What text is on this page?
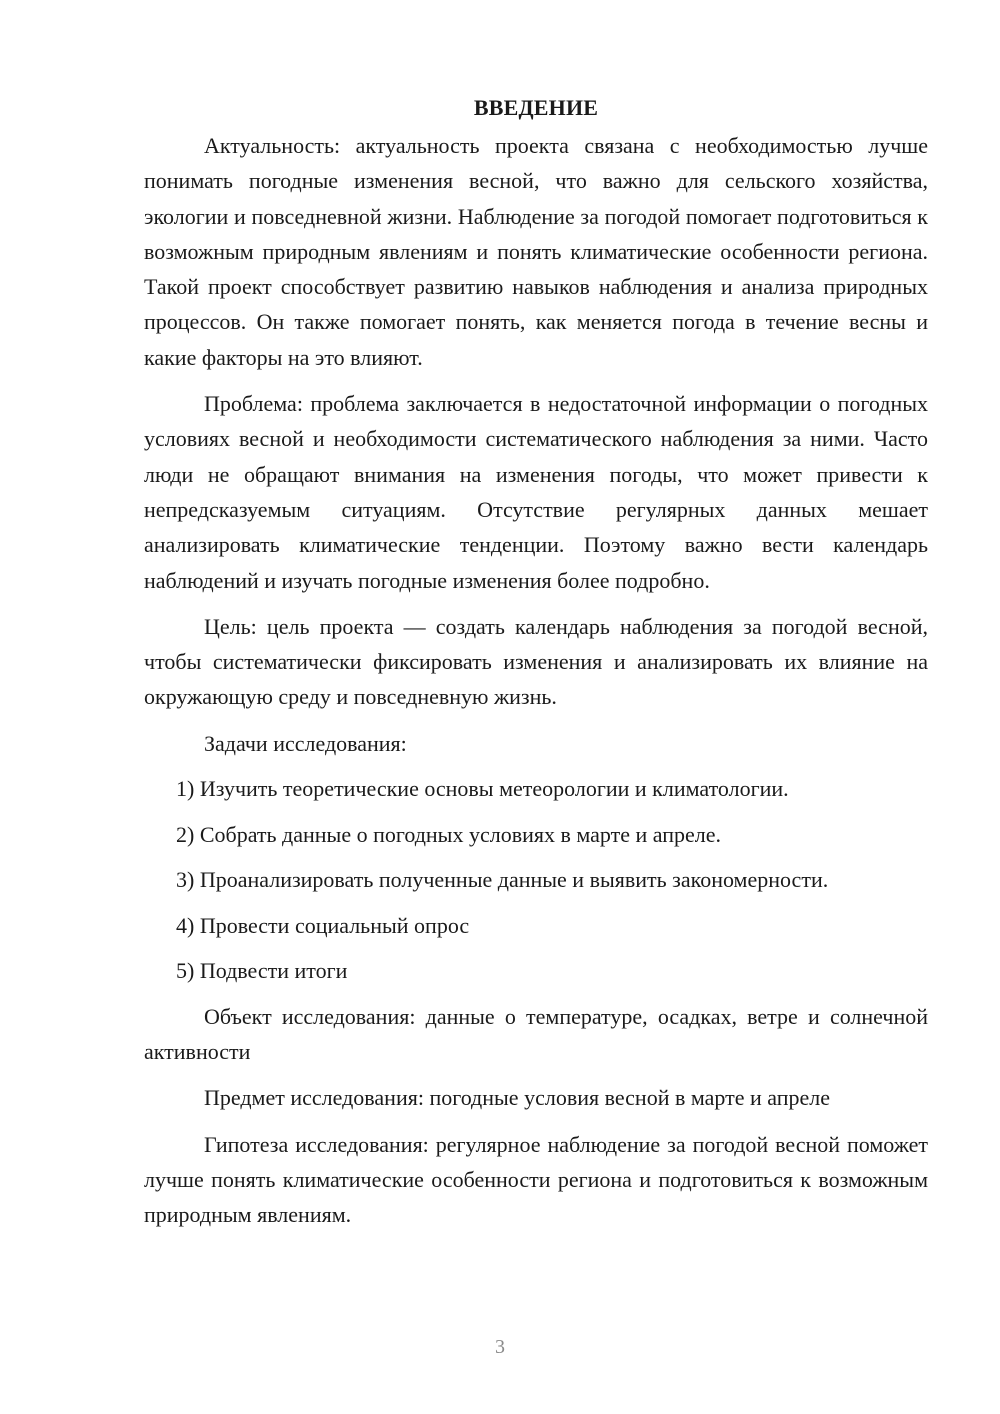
ВВЕДЕНИЕ

Актуальность: актуальность проекта связана с необходимостью лучше понимать погодные изменения весной, что важно для сельского хозяйства, экологии и повседневной жизни. Наблюдение за погодой помогает подготовиться к возможным природным явлениям и понять климатические особенности региона. Такой проект способствует развитию навыков наблюдения и анализа природных процессов. Он также помогает понять, как меняется погода в течение весны и какие факторы на это влияют.

Проблема: проблема заключается в недостаточной информации о погодных условиях весной и необходимости систематического наблюдения за ними. Часто люди не обращают внимания на изменения погоды, что может привести к непредсказуемым ситуациям. Отсутствие регулярных данных мешает анализировать климатические тенденции. Поэтому важно вести календарь наблюдений и изучать погодные изменения более подробно.

Цель: цель проекта — создать календарь наблюдения за погодой весной, чтобы систематически фиксировать изменения и анализировать их влияние на окружающую среду и повседневную жизнь.

Задачи исследования:
1) Изучить теоретические основы метеорологии и климатологии.
2) Собрать данные о погодных условиях в марте и апреле.
3) Проанализировать полученные данные и выявить закономерности.
4) Провести социальный опрос
5) Подвести итоги

Объект исследования: данные о температуре, осадках, ветре и солнечной активности

Предмет исследования: погодные условия весной в марте и апреле

Гипотеза исследования: регулярное наблюдение за погодой весной поможет лучше понять климатические особенности региона и подготовиться к возможным природным явлениям.

3
